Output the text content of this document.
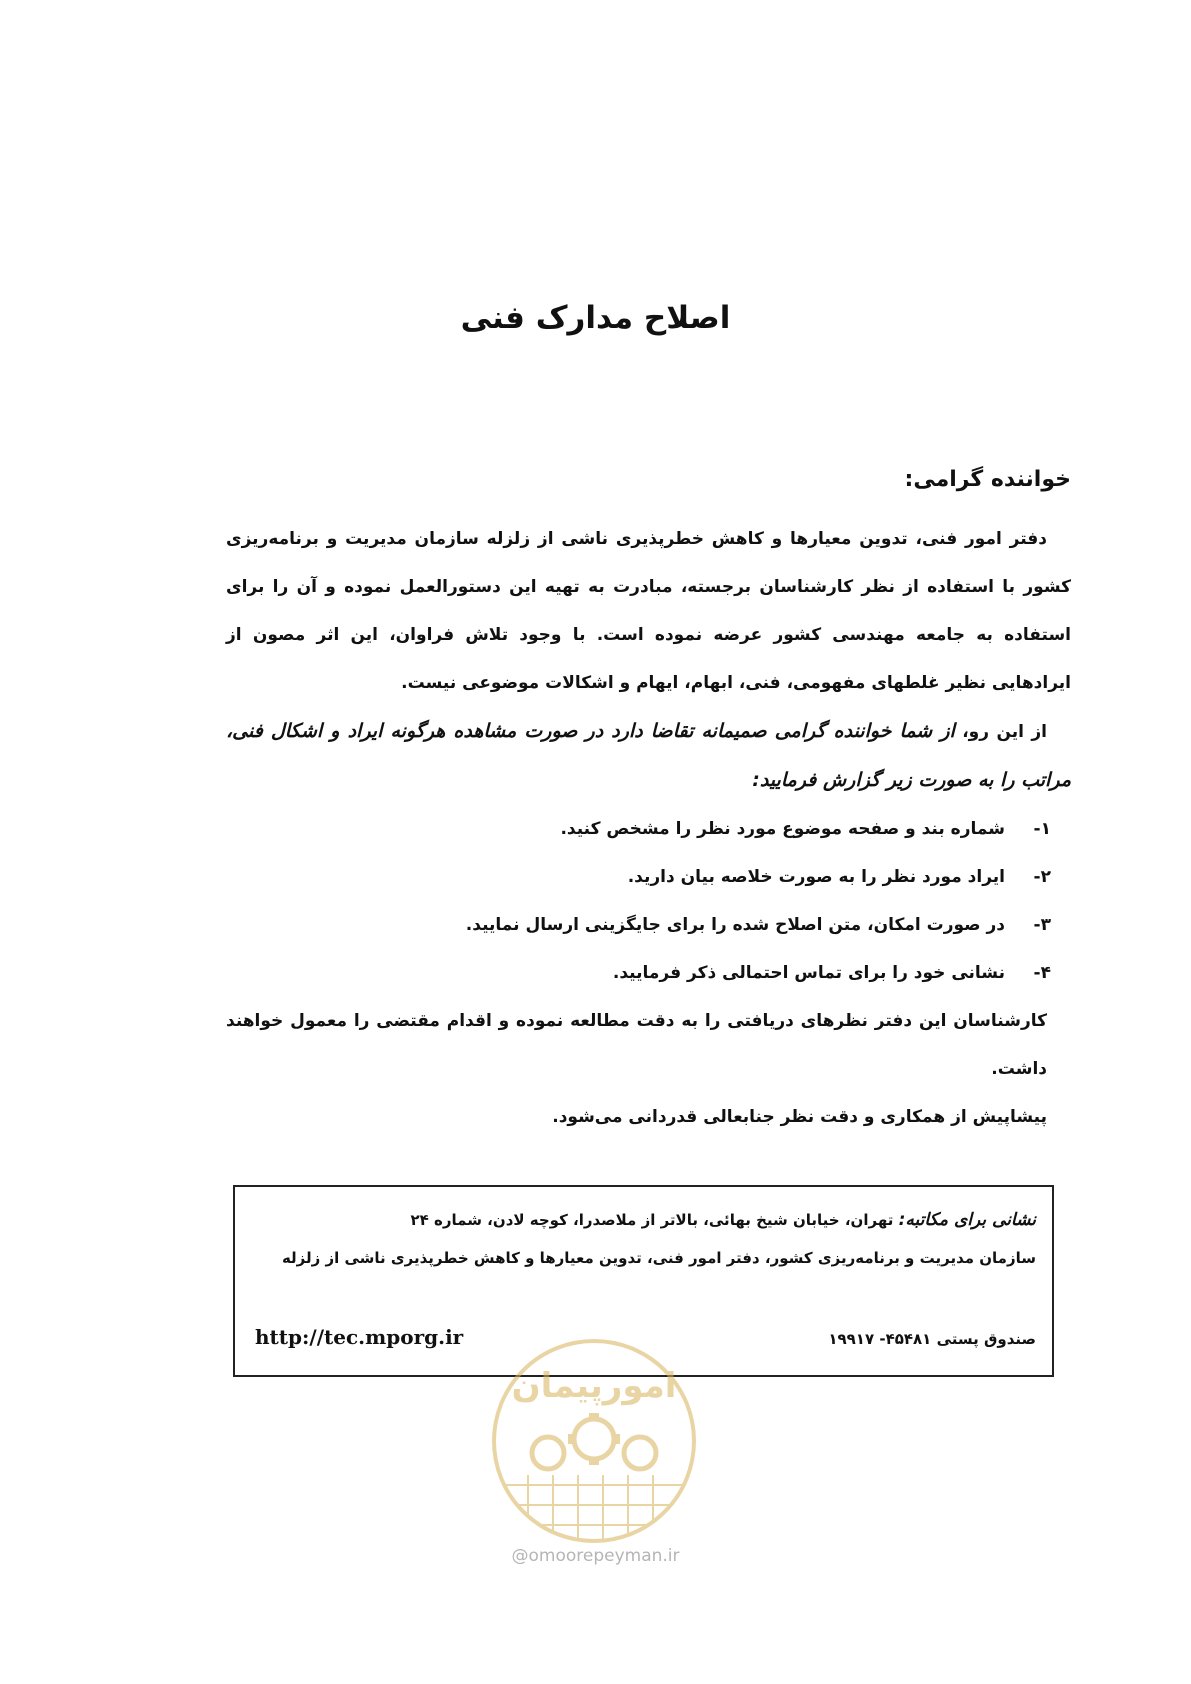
اصلاح مدارک فنی

خواننده گرامی:

دفتر امور فنی، تدوین معیارها و کاهش خطرپذیری ناشی از زلزله سازمان مدیریت و برنامه‌ریزی کشور با استفاده از نظر کارشناسان برجسته، مبادرت به تهیه این دستورالعمل نموده و آن را برای استفاده به جامعه مهندسی کشور عرضه نموده است. با وجود تلاش فراوان، این اثر مصون از ایرادهایی نظیر غلطهای مفهومی، فنی، ابهام، ایهام و اشکالات موضوعی نیست.

از این رو، از شما خواننده گرامی صمیمانه تقاضا دارد در صورت مشاهده هرگونه ایراد و اشکال فنی، مراتب را به صورت زیر گزارش فرمایید:

۱-
شماره بند و صفحه موضوع مورد نظر را مشخص کنید.
۲-
ایراد مورد نظر را به صورت خلاصه بیان دارید.
۳-
در صورت امکان، متن اصلاح شده را برای جایگزینی ارسال نمایید.
۴-
نشانی خود را برای تماس احتمالی ذکر فرمایید.

کارشناسان این دفتر نظرهای دریافتی را به دقت مطالعه نموده و اقدام مقتضی را معمول خواهند داشت.

پیشاپیش از همکاری و دقت نظر جنابعالی قدردانی می‌شود.

نشانی برای مکاتبه: تهران، خیابان شیخ بهائی، بالاتر از ملاصدرا، کوچه لادن، شماره ۲۴
سازمان مدیریت و برنامه‌ریزی کشور، دفتر امور فنی، تدوین معیارها و کاهش خطرپذیری ناشی از زلزله
صندوق پستی ۴۵۴۸۱- ۱۹۹۱۷
http://tec.mporg.ir
امورپیمان
@omoorepeyman.ir
